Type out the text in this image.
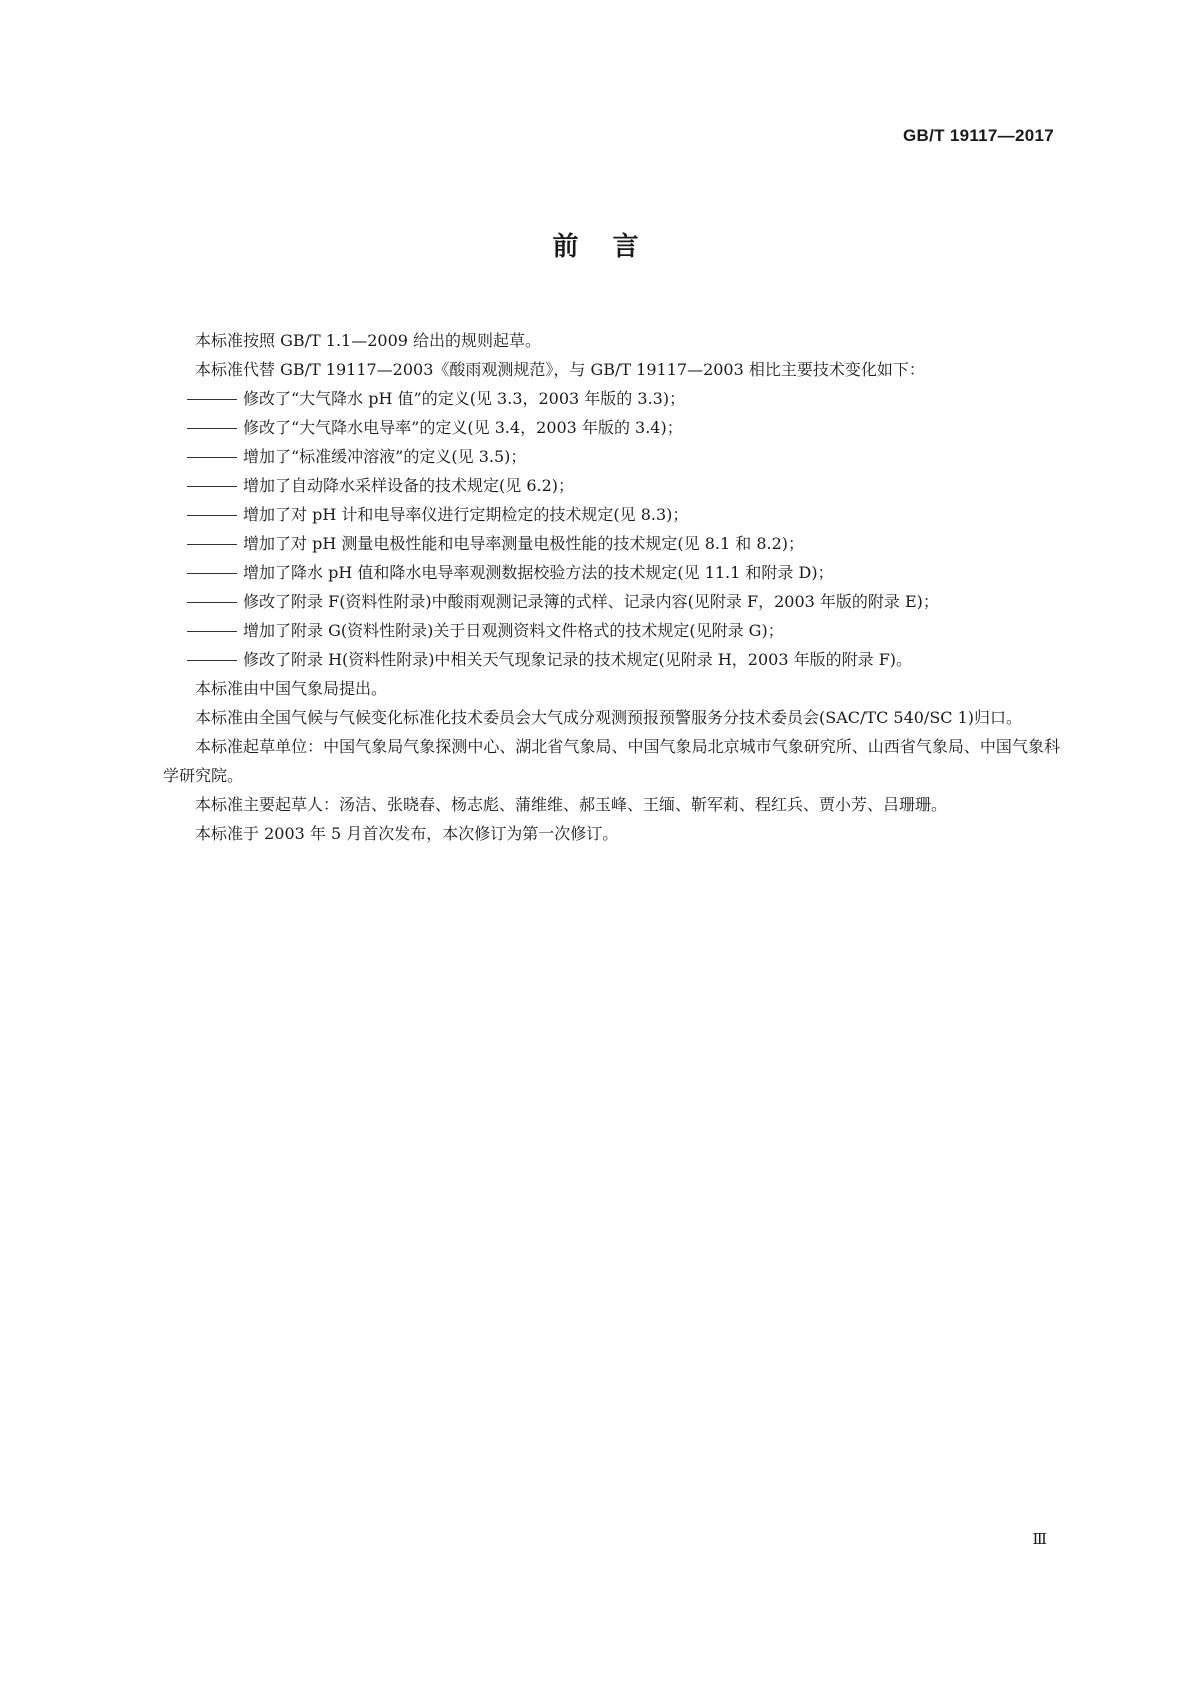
GB/T 19117—2017
前言

本标准按照 GB/T 1.1—2009 给出的规则起草。

本标准代替 GB/T 19117—2003《酸雨观测规范》，与 GB/T 19117—2003 相比主要技术变化如下：

修改了“大气降水 pH 值”的定义(见 3.3，2003 年版的 3.3)；
修改了“大气降水电导率”的定义(见 3.4，2003 年版的 3.4)；
增加了“标准缓冲溶液”的定义(见 3.5)；
增加了自动降水采样设备的技术规定(见 6.2)；
增加了对 pH 计和电导率仪进行定期检定的技术规定(见 8.3)；
增加了对 pH 测量电极性能和电导率测量电极性能的技术规定(见 8.1 和 8.2)；
增加了降水 pH 值和降水电导率观测数据校验方法的技术规定(见 11.1 和附录 D)；
修改了附录 F(资料性附录)中酸雨观测记录簿的式样、记录内容(见附录 F，2003 年版的附录 E)；
增加了附录 G(资料性附录)关于日观测资料文件格式的技术规定(见附录 G)；
修改了附录 H(资料性附录)中相关天气现象记录的技术规定(见附录 H，2003 年版的附录 F)。

本标准由中国气象局提出。

本标准由全国气候与气候变化标准化技术委员会大气成分观测预报预警服务分技术委员会(SAC/TC 540/SC 1)归口。

本标准起草单位：中国气象局气象探测中心、湖北省气象局、中国气象局北京城市气象研究所、山西省气象局、中国气象科学研究院。

本标准主要起草人：汤洁、张晓春、杨志彪、蒲维维、郝玉峰、王缅、靳军莉、程红兵、贾小芳、吕珊珊。

本标准于 2003 年 5 月首次发布，本次修订为第一次修订。

Ⅲ
